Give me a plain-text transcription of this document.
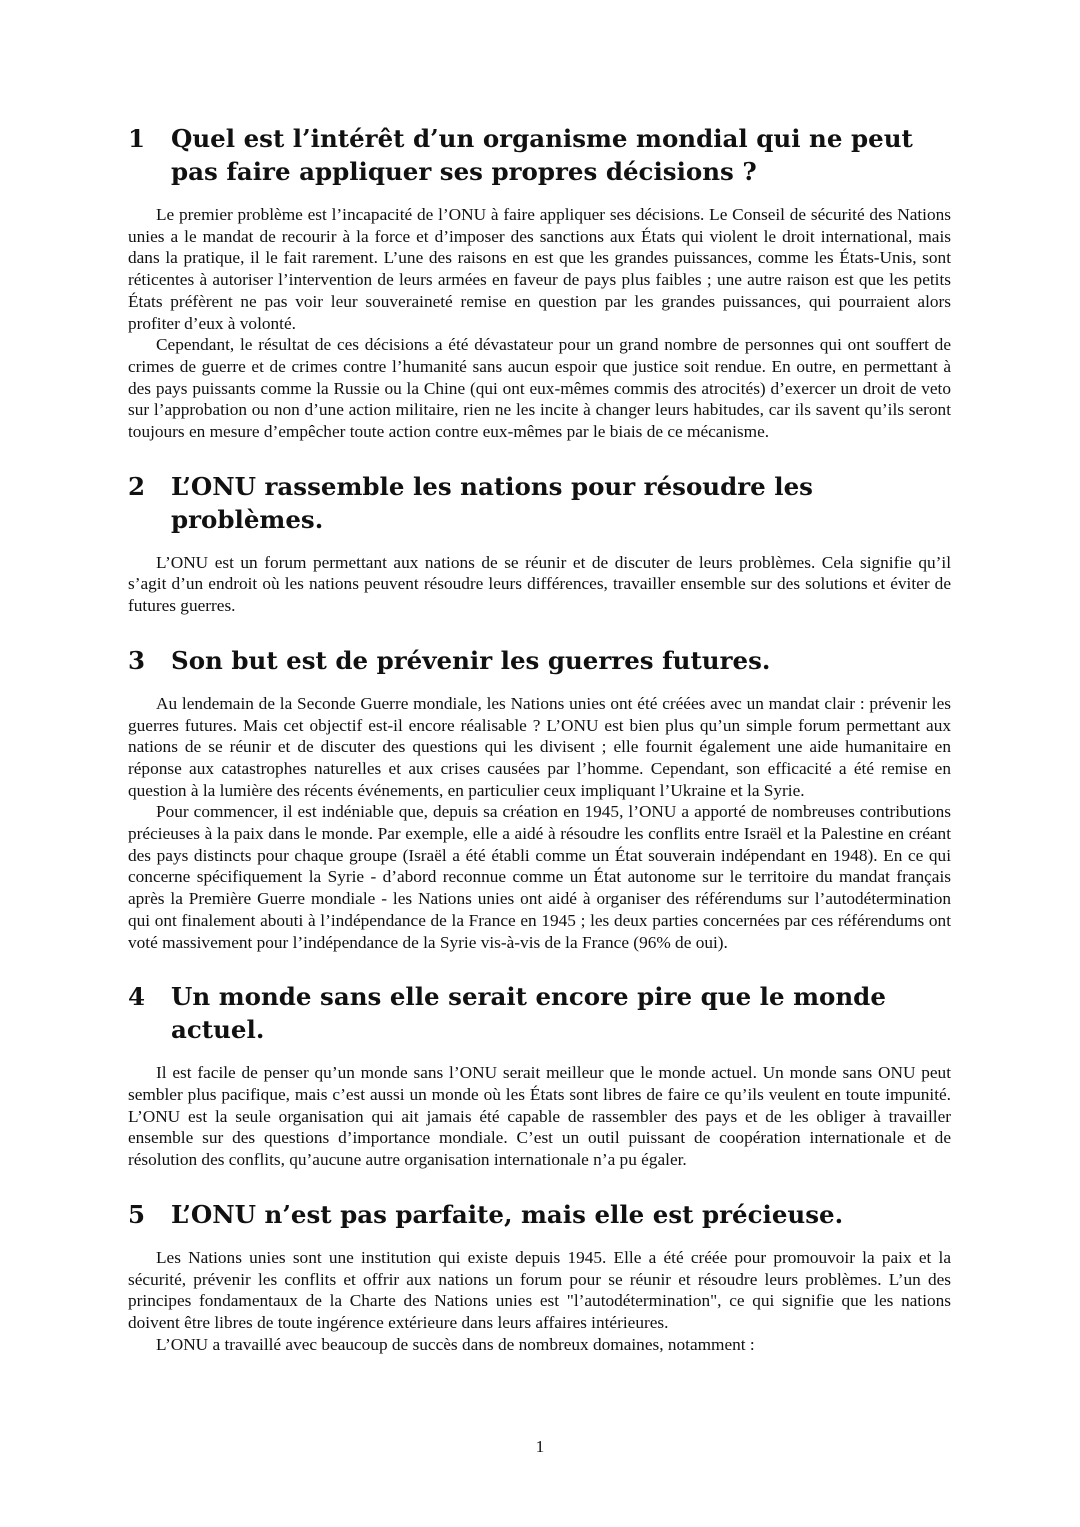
1	Quel est l’intérêt d’un organisme mondial qui ne peut pas faire appliquer ses propres décisions ?

Le premier problème est l’incapacité de l’ONU à faire appliquer ses décisions. Le Conseil de sécurité des Nations unies a le mandat de recourir à la force et d’imposer des sanctions aux États qui violent le droit international, mais dans la pratique, il le fait rarement. L’une des raisons en est que les grandes puissances, comme les États-Unis, sont réticentes à autoriser l’intervention de leurs armées en faveur de pays plus faibles ; une autre raison est que les petits États préfèrent ne pas voir leur souveraineté remise en question par les grandes puissances, qui pourraient alors profiter d’eux à volonté.

Cependant, le résultat de ces décisions a été dévastateur pour un grand nombre de personnes qui ont souffert de crimes de guerre et de crimes contre l’humanité sans aucun espoir que justice soit rendue. En outre, en permettant à des pays puissants comme la Russie ou la Chine (qui ont eux-mêmes commis des atrocités) d’exercer un droit de veto sur l’approbation ou non d’une action militaire, rien ne les incite à changer leurs habitudes, car ils savent qu’ils seront toujours en mesure d’empêcher toute action contre eux-mêmes par le biais de ce mécanisme.

2	L’ONU rassemble les nations pour résoudre les problèmes.

L’ONU est un forum permettant aux nations de se réunir et de discuter de leurs problèmes. Cela signifie qu’il s’agit d’un endroit où les nations peuvent résoudre leurs différences, travailler ensemble sur des solutions et éviter de futures guerres.

3	Son but est de prévenir les guerres futures.

Au lendemain de la Seconde Guerre mondiale, les Nations unies ont été créées avec un mandat clair : prévenir les guerres futures. Mais cet objectif est-il encore réalisable ? L’ONU est bien plus qu’un simple forum permettant aux nations de se réunir et de discuter des questions qui les divisent ; elle fournit également une aide humanitaire en réponse aux catastrophes naturelles et aux crises causées par l’homme. Cependant, son efficacité a été remise en question à la lumière des récents événements, en particulier ceux impliquant l’Ukraine et la Syrie.

Pour commencer, il est indéniable que, depuis sa création en 1945, l’ONU a apporté de nombreuses contributions précieuses à la paix dans le monde. Par exemple, elle a aidé à résoudre les conflits entre Israël et la Palestine en créant des pays distincts pour chaque groupe (Israël a été établi comme un État souverain indépendant en 1948). En ce qui concerne spécifiquement la Syrie - d’abord reconnue comme un État autonome sur le territoire du mandat français après la Première Guerre mondiale - les Nations unies ont aidé à organiser des référendums sur l’autodétermination qui ont finalement abouti à l’indépendance de la France en 1945 ; les deux parties concernées par ces référendums ont voté massivement pour l’indépendance de la Syrie vis-à-vis de la France (96% de oui).

4	Un monde sans elle serait encore pire que le monde actuel.

Il est facile de penser qu’un monde sans l’ONU serait meilleur que le monde actuel. Un monde sans ONU peut sembler plus pacifique, mais c’est aussi un monde où les États sont libres de faire ce qu’ils veulent en toute impunité. L’ONU est la seule organisation qui ait jamais été capable de rassembler des pays et de les obliger à travailler ensemble sur des questions d’importance mondiale. C’est un outil puissant de coopération internationale et de résolution des conflits, qu’aucune autre organisation internationale n’a pu égaler.

5	L’ONU n’est pas parfaite, mais elle est précieuse.

Les Nations unies sont une institution qui existe depuis 1945. Elle a été créée pour promouvoir la paix et la sécurité, prévenir les conflits et offrir aux nations un forum pour se réunir et résoudre leurs problèmes. L’un des principes fondamentaux de la Charte des Nations unies est "l’autodétermination", ce qui signifie que les nations doivent être libres de toute ingérence extérieure dans leurs affaires intérieures.

L’ONU a travaillé avec beaucoup de succès dans de nombreux domaines, notamment :

1
